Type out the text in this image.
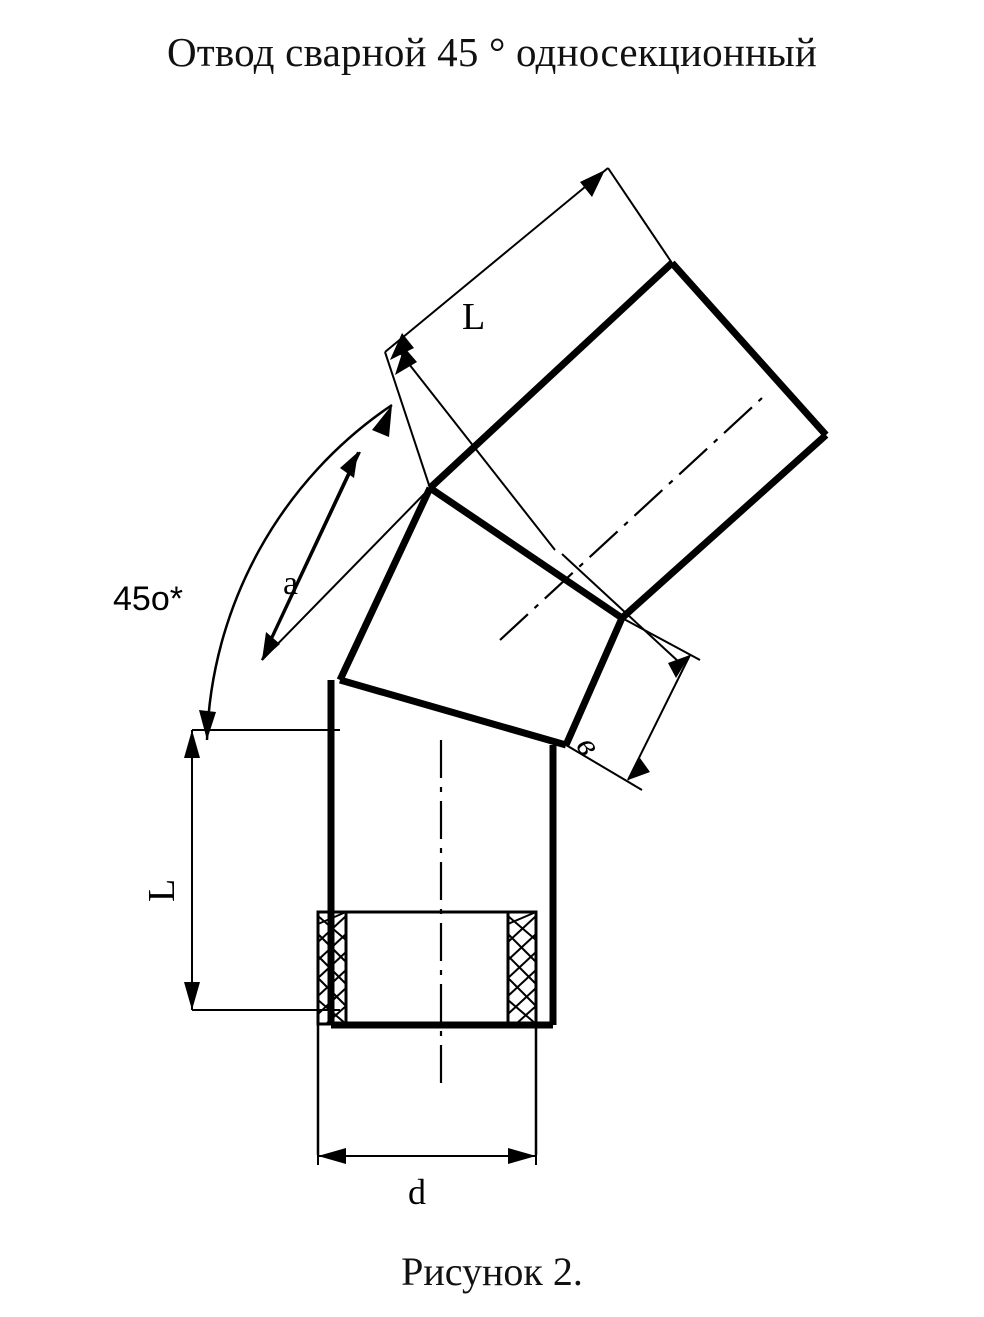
Отвод сварной 45 ° односекционный
L
a
45о*
L
d
в
Рисунок 2.
